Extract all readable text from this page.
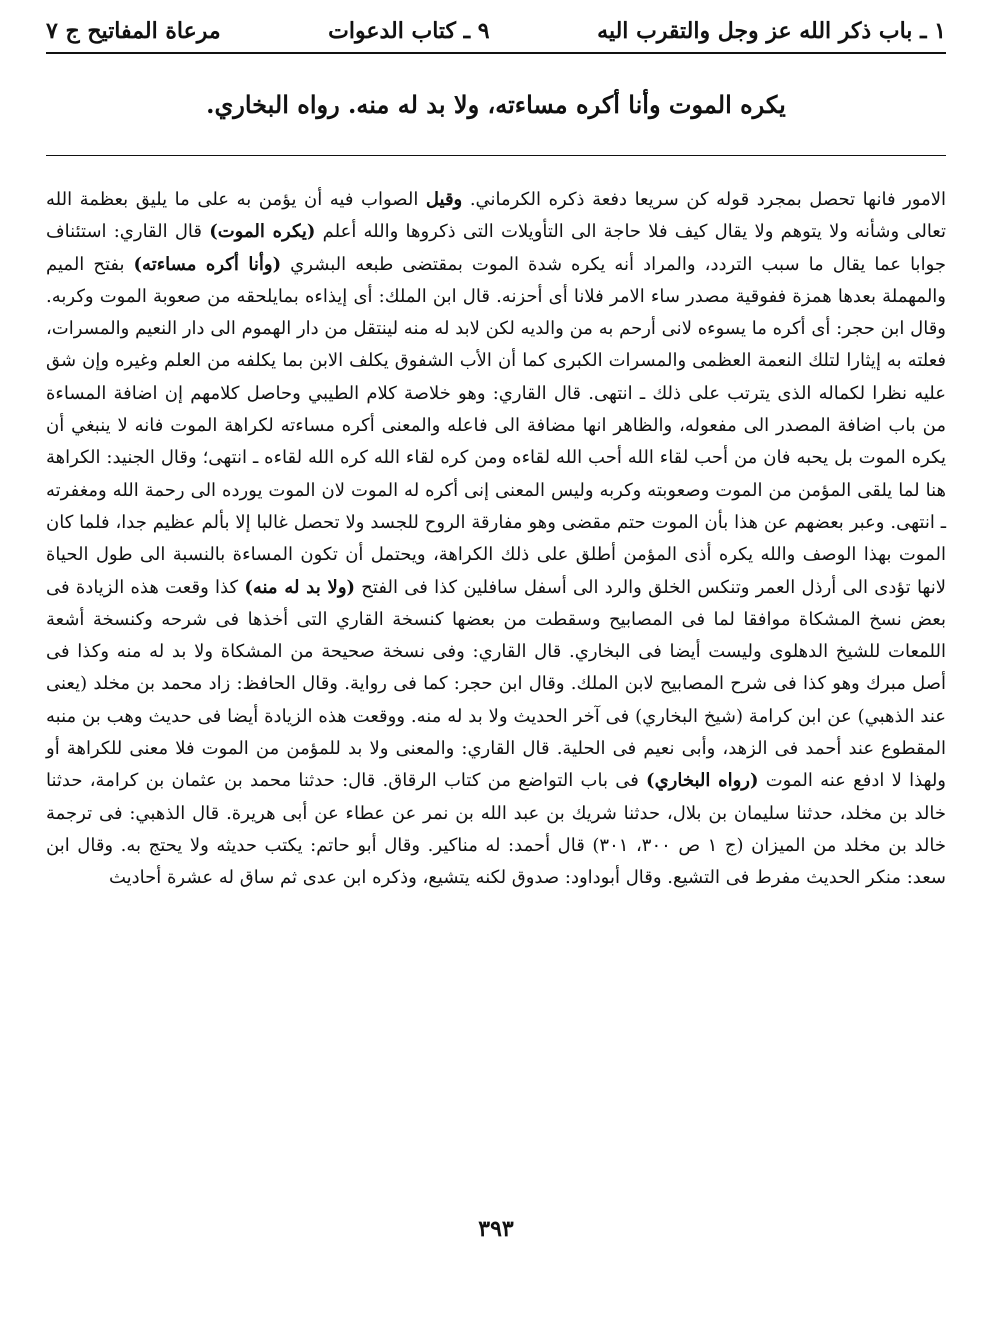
١ ـ باب ذكر الله عز وجل والتقرب اليه
٩ ـ كتاب الدعوات
مرعاة المفاتيح ج ٧
يكره الموت وأنا أكره مساءته، ولا بد له منه. رواه البخاري.

الامور فانها تحصل بمجرد قوله كن سريعا دفعة ذكره الكرماني. وقيل الصواب فيه أن يؤمن به على ما يليق بعظمة الله تعالى وشأنه ولا يتوهم ولا يقال كيف فلا حاجة الى التأويلات التى ذكروها والله أعلم (يكره الموت) قال القاري: استئناف جوابا عما يقال ما سبب التردد، والمراد أنه يكره شدة الموت بمقتضى طبعه البشري (وأنا أكره مساءته) بفتح الميم والمهملة بعدها همزة ففوقية مصدر ساء الامر فلانا أى أحزنه. قال ابن الملك: أى إيذاءه بمايلحقه من صعوبة الموت وكربه. وقال ابن حجر: أى أكره ما يسوءه لانى أرحم به من والديه لكن لابد له منه لينتقل من دار الهموم الى دار النعيم والمسرات، فعلته به إيثارا لتلك النعمة العظمى والمسرات الكبرى كما أن الأب الشفوق يكلف الابن بما يكلفه من العلم وغيره وإن شق عليه نظرا لكماله الذى يترتب على ذلك ـ انتهى. قال القاري: وهو خلاصة كلام الطيبي وحاصل كلامهم إن اضافة المساءة من باب اضافة المصدر الى مفعوله، والظاهر انها مضافة الى فاعله والمعنى أكره مساءته لكراهة الموت فانه لا ينبغي أن يكره الموت بل يحبه فان من أحب لقاء الله أحب الله لقاءه ومن كره لقاء الله كره الله لقاءه ـ انتهى؛ وقال الجنيد: الكراهة هنا لما يلقى المؤمن من الموت وصعوبته وكربه وليس المعنى إنى أكره له الموت لان الموت يورده الى رحمة الله ومغفرته ـ انتهى. وعبر بعضهم عن هذا بأن الموت حتم مقضى وهو مفارقة الروح للجسد ولا تحصل غالبا إلا بألم عظيم جدا، فلما كان الموت بهذا الوصف والله يكره أذى المؤمن أطلق على ذلك الكراهة، ويحتمل أن تكون المساءة بالنسبة الى طول الحياة لانها تؤدى الى أرذل العمر وتنكس الخلق والرد الى أسفل سافلين كذا فى الفتح (ولا بد له منه) كذا وقعت هذه الزيادة فى بعض نسخ المشكاة موافقا لما فى المصابيح وسقطت من بعضها كنسخة القاري التى أخذها فى شرحه وكنسخة أشعة اللمعات للشيخ الدهلوى وليست أيضا فى البخاري. قال القاري: وفى نسخة صحيحة من المشكاة ولا بد له منه وكذا فى أصل مبرك وهو كذا فى شرح المصابيح لابن الملك. وقال ابن حجر: كما فى رواية. وقال الحافظ: زاد محمد بن مخلد (يعنى عند الذهبي) عن ابن كرامة (شيخ البخاري) فى آخر الحديث ولا بد له منه. ووقعت هذه الزيادة أيضا فى حديث وهب بن منبه المقطوع عند أحمد فى الزهد، وأبى نعيم فى الحلية. قال القاري: والمعنى ولا بد للمؤمن من الموت فلا معنى للكراهة أو ولهذا لا ادفع عنه الموت (رواه البخاري) فى باب التواضع من كتاب الرقاق. قال: حدثنا محمد بن عثمان بن كرامة، حدثنا خالد بن مخلد، حدثنا سليمان بن بلال، حدثنا شريك بن عبد الله بن نمر عن عطاء عن أبى هريرة. قال الذهبي: فى ترجمة خالد بن مخلد من الميزان (ج ١ ص ٣٠٠، ٣٠١) قال أحمد: له مناكير. وقال أبو حاتم: يكتب حديثه ولا يحتج به. وقال ابن سعد: منكر الحديث مفرط فى التشيع. وقال أبوداود: صدوق لكنه يتشيع، وذكره ابن عدى ثم ساق له عشرة أحاديث

٣٩٣
